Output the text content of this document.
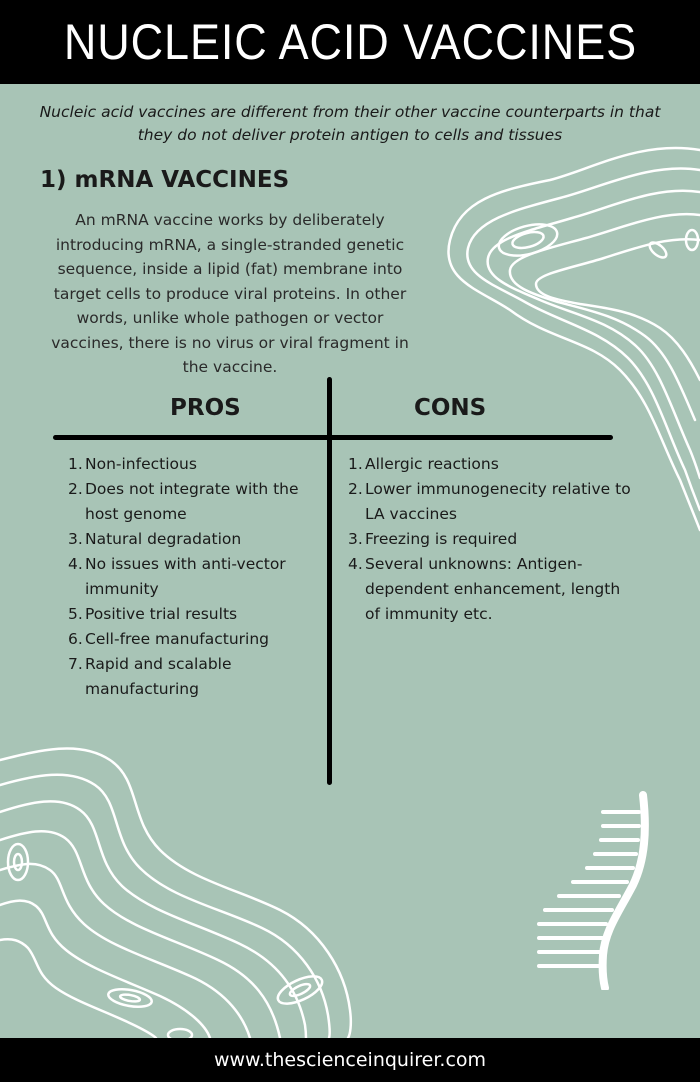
NUCLEIC ACID VACCINES
Nucleic acid vaccines are different from their other vaccine counterparts in that they do not deliver protein antigen to cells and tissues
1) mRNA VACCINES
An mRNA vaccine works by deliberately introducing mRNA, a single-stranded genetic sequence, inside a lipid (fat) membrane into target cells to produce viral proteins. In other words, unlike whole pathogen or vector vaccines, there is no virus or viral fragment in the vaccine.
PROS	CONS
1. Non-infectious
2. Does not integrate with the host genome
3. Natural degradation
4. No issues with anti-vector immunity
5. Positive trial results
6. Cell-free manufacturing
7. Rapid and scalable manufacturing
1. Allergic reactions
2. Lower immunogenecity relative to LA vaccines
3. Freezing is required
4. Several unknowns: Antigen-dependent enhancement, length of immunity etc.
www.thescienceinquirer.com
